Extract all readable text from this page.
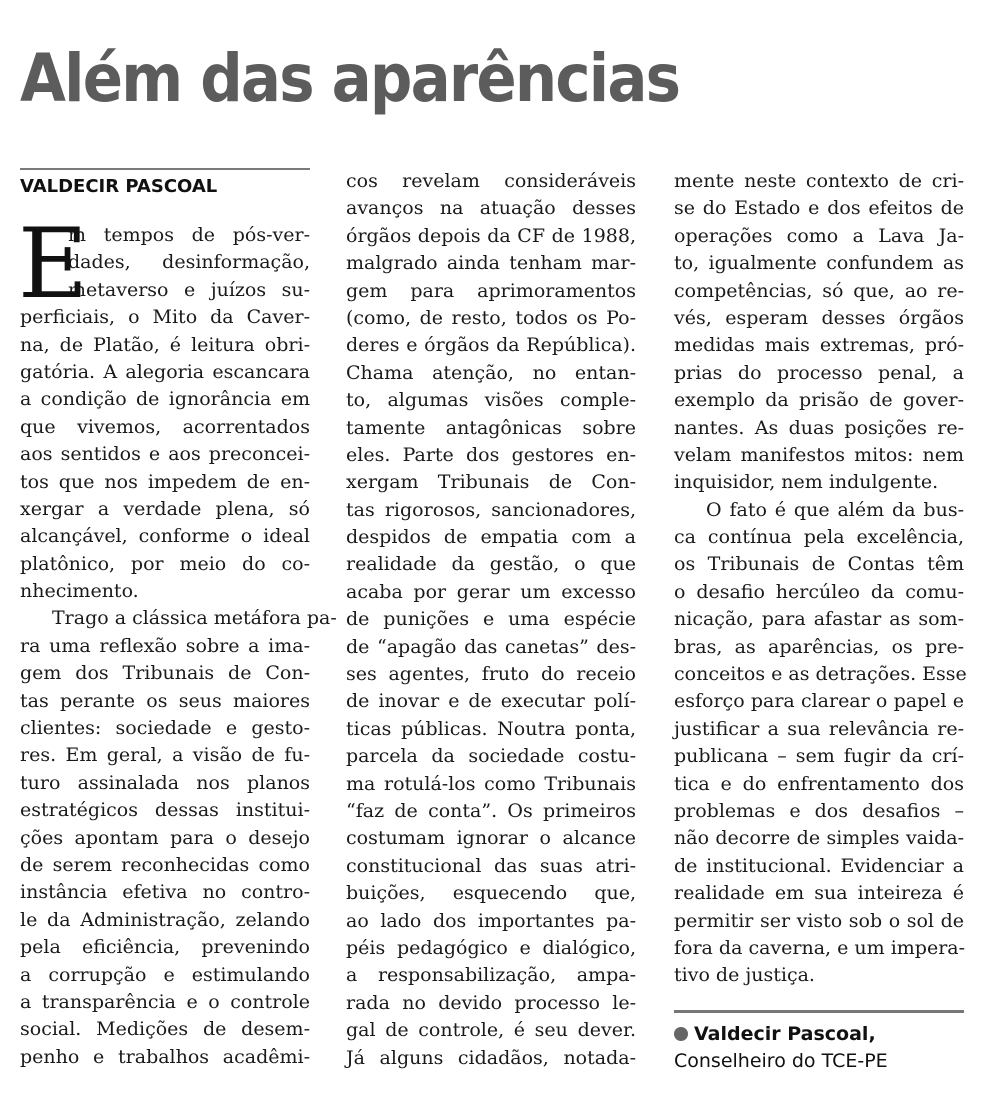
Além das aparências
VALDECIR PASCOAL
E
m tempos de pós-ver-
dades, desinformação,
metaverso e juízos su-
perficiais, o Mito da Caver-
na, de Platão, é leitura obri-
gatória. A alegoria escancara
a condição de ignorância em
que vivemos, acorrentados
aos sentidos e aos preconcei-
tos que nos impedem de en-
xergar a verdade plena, só
alcançável, conforme o ideal
platônico, por meio do co-
nhecimento.
Trago a clássica metáfora pa-
ra uma reflexão sobre a ima-
gem dos Tribunais de Con-
tas perante os seus maiores
clientes: sociedade e gesto-
res. Em geral, a visão de fu-
turo assinalada nos planos
estratégicos dessas institui-
ções apontam para o desejo
de serem reconhecidas como
instância efetiva no contro-
le da Administração, zelando
pela eficiência, prevenindo
a corrupção e estimulando
a transparência e o controle
social. Medições de desem-
penho e trabalhos acadêmi-
cos revelam consideráveis
avanços na atuação desses
órgãos depois da CF de 1988,
malgrado ainda tenham mar-
gem para aprimoramentos
(como, de resto, todos os Po-
deres e órgãos da República).
Chama atenção, no entan-
to, algumas visões comple-
tamente antagônicas sobre
eles. Parte dos gestores en-
xergam Tribunais de Con-
tas rigorosos, sancionadores,
despidos de empatia com a
realidade da gestão, o que
acaba por gerar um excesso
de punições e uma espécie
de “apagão das canetas” des-
ses agentes, fruto do receio
de inovar e de executar polí-
ticas públicas. Noutra ponta,
parcela da sociedade costu-
ma rotulá-los como Tribunais
“faz de conta”. Os primeiros
costumam ignorar o alcance
constitucional das suas atri-
buições, esquecendo que,
ao lado dos importantes pa-
péis pedagógico e dialógico,
a responsabilização, ampa-
rada no devido processo le-
gal de controle, é seu dever.
Já alguns cidadãos, notada-
mente neste contexto de cri-
se do Estado e dos efeitos de
operações como a Lava Ja-
to, igualmente confundem as
competências, só que, ao re-
vés, esperam desses órgãos
medidas mais extremas, pró-
prias do processo penal, a
exemplo da prisão de gover-
nantes. As duas posições re-
velam manifestos mitos: nem
inquisidor, nem indulgente.
O fato é que além da bus-
ca contínua pela excelência,
os Tribunais de Contas têm
o desafio hercúleo da comu-
nicação, para afastar as som-
bras, as aparências, os pre-
conceitos e as detrações. Esse
esforço para clarear o papel e
justificar a sua relevância re-
publicana – sem fugir da crí-
tica e do enfrentamento dos
problemas e dos desafios –
não decorre de simples vaida-
de institucional. Evidenciar a
realidade em sua inteireza é
permitir ser visto sob o sol de
fora da caverna, e um impera-
tivo de justiça.
Valdecir Pascoal,
Conselheiro do TCE-PE
